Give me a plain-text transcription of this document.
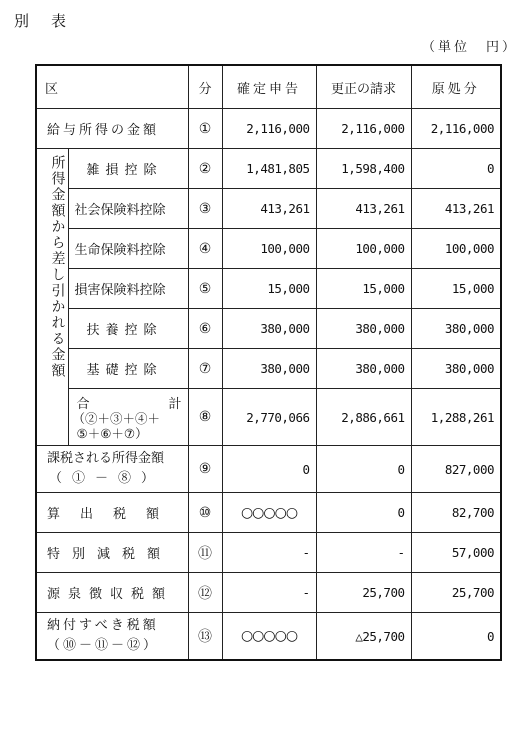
別表
（単位　円）
区		分	確定申告	更正の請求	原処分
給与所得の金額		①	2,116,000	2,116,000	2,116,000
所得金額から差し引かれる金額	雑損控除	②	1,481,805	1,598,400	0
	社会保険料控除	③	413,261	413,261	413,261
	生命保険料控除	④	100,000	100,000	100,000
	損害保険料控除	⑤	15,000	15,000	15,000
	扶養控除	⑥	380,000	380,000	380,000
	基礎控除	⑦	380,000	380,000	380,000

	合 計
（②＋③＋④＋
⑤＋⑥＋⑦）	⑧	2,770,066	2,886,661	1,288,261

課税される所得金額
（①－⑧）		⑨	0	0	827,000
算出税額		⑩	○○○○○	0	82,700
特別減税額		⑪	-	-	57,000
源泉徴収税額		⑫	-	25,700	25,700

納付すべき税額
（⑩－⑪－⑫）		⑬	○○○○○	△25,700	0
